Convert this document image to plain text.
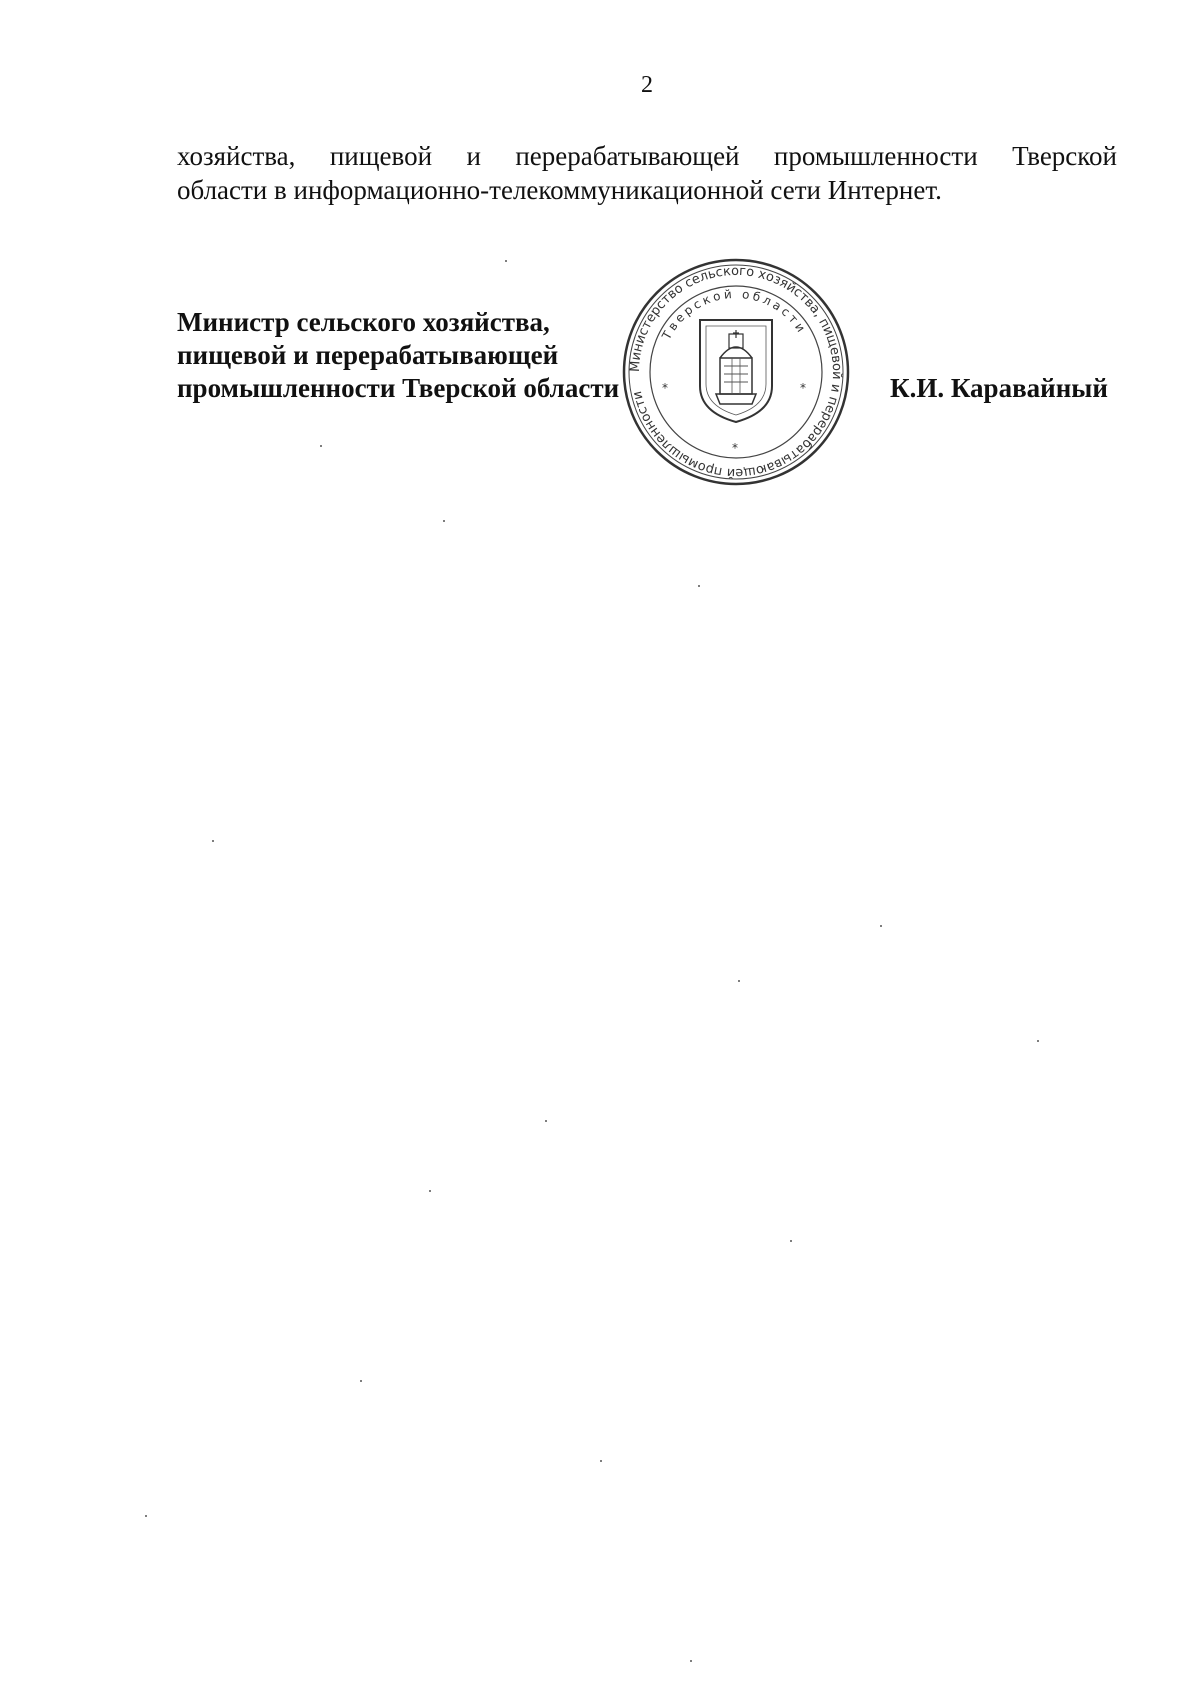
2
хозяйства, пищевой и перерабатывающей промышленности Тверской
области в информационно-телекоммуникационной сети Интернет.
Министр сельского хозяйства,
пищевой и перерабатывающей
промышленности Тверской области	К.И. Каравайный
Министерство сельского хозяйства, пищевой и перерабатывающей промышленности
Тверской области
*	*
*
